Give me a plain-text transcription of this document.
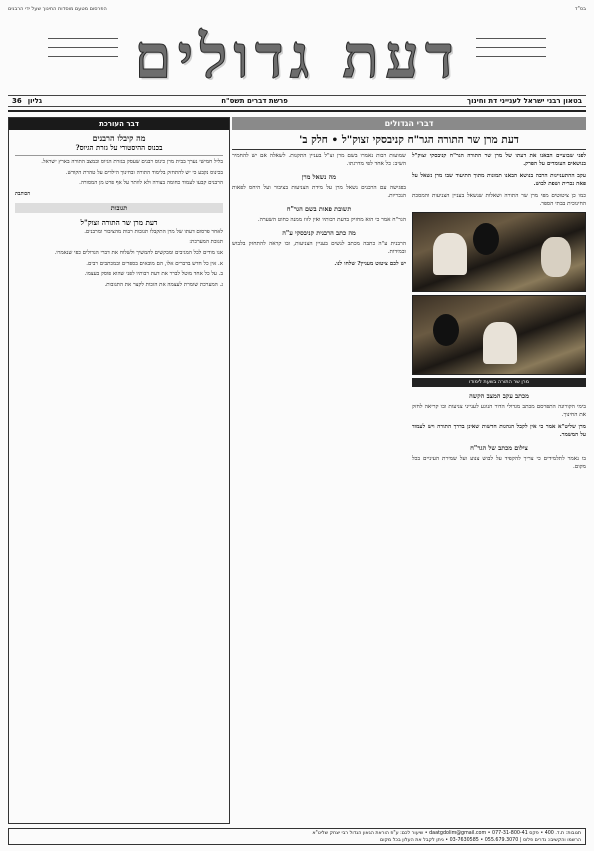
בס"ד
הפרסום מטעם מוסדות החינוך שעל ידי הרבנים
דעת גדולים
בטאון רבני ישראל לענייני דת וחינוך
פרשת דברים תשס"ח
גליון
36
דברי הגדולים
דעת מרן שר התורה הגר"ח קניבסקי זצוק"ל • חלק ב'

לפני שבועיים הבאנו את דעתו של מרן שר התורה הגר"ח קניבסקי זצוק"ל בנושאים העומדים על הפרק.

עקב ההתעניינות הרבה בנושא הבאנו תמונות מתוך התיעוד שבו מרן נשאל על פאה נכרית ושפת לבוש.

כמו כן ציטוטים מפי מרן שר התורה ושאלות שנשאל בעניין הצניעות והמסכת החינוכית בבתי הספר.

מרן שר התורה בשעת לימודו
מכתב עקב המצב הקשה

בימי הקורונה התפרסם מכתב מגדולי הדור הנוגע לענייני צניעות ובו קריאה לחזק את החינוך.

מרן שליט"א אמר כי אין לקבל הנהגות חדשות שאינן בדרך התורה ויש לעמוד על המשמר.

צילום מכתב של הגר"ח

בו נאמר לתלמידים כי צריך להקפיד על לבוש צנוע ועל שמירת העיניים בכל מקום.

שמועות רבות נאמרו בשם מרן זצ"ל בעניין התקנות. לשאלה אם יש להחמיר השיב: כל אחד לפי מדרגתו.

מה נשאל מרן

בפגישה עם הרבנים נשאל מרן על מידת הצניעות בציבור ועל היחס לפאות הנכריות.

תשובת פאות בשם הגר"ח

הגר"ח אמר כי הוא מחזיק בדעת רבותיו ואין לזוז ממנה כחוט השערה.

מה כתב הרבנית קניבסקי ע"ה

הרבנית ע"ה כתבה מכתב לנשים בעניין הצניעות, ובו קראה להתחזק בלבוש ובמידות.

יש לכם ציטוט מעניין? שלחו לנו.

דבר העורכת
מה קיבלו הרבנים
בכנוס ההיסטורי על גזרת הגיוס?

בליל חמישי נערך בבית מרן כינוס רבנים שעסק בגזרת הגיוס ובמצב התורה בארץ ישראל.

בכינוס נקבע כי יש להתחזק בלימוד התורה ובחינוך הילדים על טהרת הקודש.

הרבנים קבעו לעמוד כחומה בצורה ולא לוותר על אף פרט מן המסורה.

הכותבת
תגובות
דעת מרן שר התורה זצוק"ל

לאחר פרסום דעתו של מרן התקבלו תגובות רבות מהציבור ומרבנים.

תגובת המערכת:

אנו מודים לכל המגיבים ומבקשים להמשיך ולשלוח את דברי הגדולים כפי שנאמרו.

א. אין כל חדש בדברים אלו, הם מובאים בספרים ובמכתבים רבים.

ב. על כל אחד מוטל לברר את דעת רבותיו לפני שהוא פוסק בעצמו.

ג. המערכת שומרת לעצמה את הזכות לקצר את התגובות.

תגובות: ת.ד. 400 • פקס 077-31-800-41 • daatgdolim@gmail.com • שיעור לכם: ע"פ הוראת הגאון הגדול רבי יצחק שליט"א
הרשמו והקשיבו: נדרים פלוס | 055.679.3070 • 03-7630585 • ניתן לקבל את העלון בכל מקום
